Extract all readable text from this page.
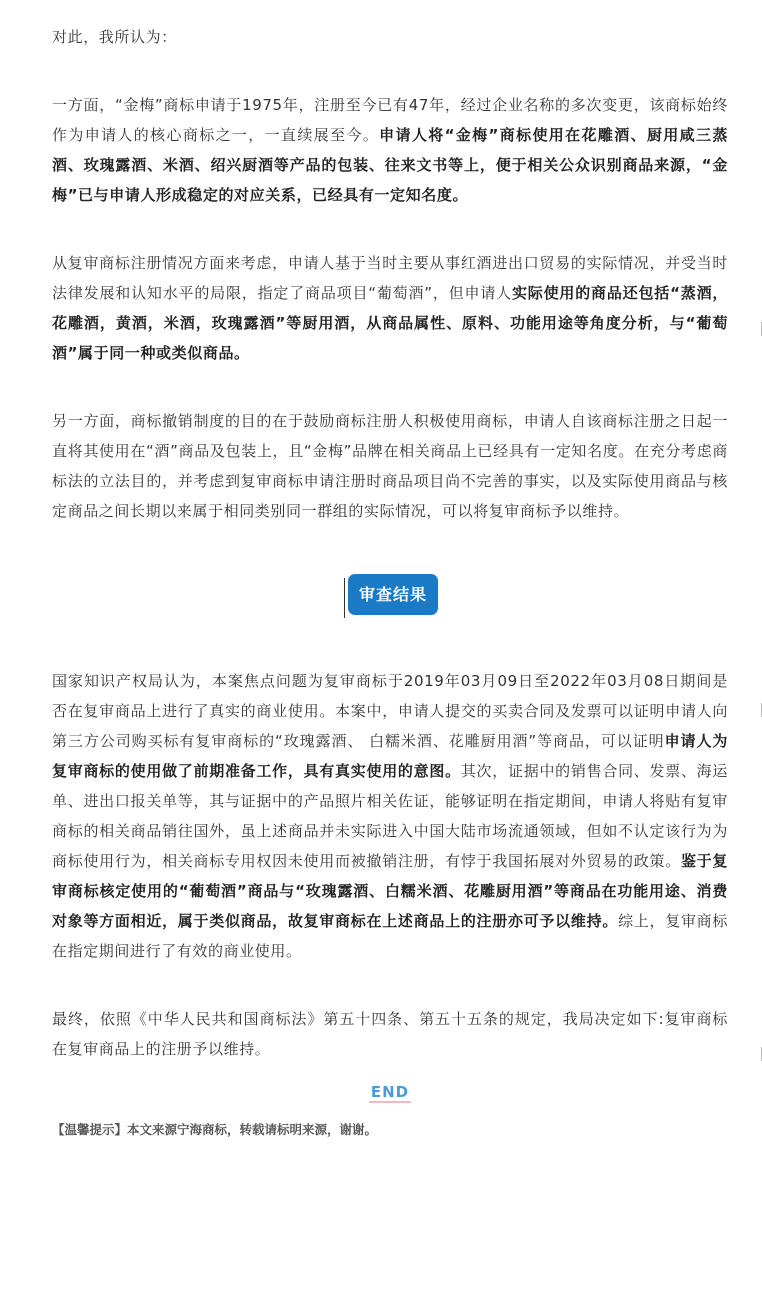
对此，我所认为：

一方面，“金梅”商标申请于1975年，注册至今已有47年，经过企业名称的多次变更，该商标始终作为申请人的核心商标之一，一直续展至今。申请人将“金梅”商标使用在花雕酒、厨用咸三蒸酒、玫瑰露酒、米酒、绍兴厨酒等产品的包装、往来文书等上，便于相关公众识别商品来源，“金梅”已与申请人形成稳定的对应关系，已经具有一定知名度。

从复审商标注册情况方面来考虑，申请人基于当时主要从事红酒进出口贸易的实际情况，并受当时法律发展和认知水平的局限，指定了商品项目“葡萄酒”，但申请人实际使用的商品还包括“蒸酒，花雕酒，黄酒，米酒，玫瑰露酒”等厨用酒，从商品属性、原料、功能用途等角度分析，与“葡萄酒”属于同一种或类似商品。

另一方面，商标撤销制度的目的在于鼓励商标注册人积极使用商标，申请人自该商标注册之日起一直将其使用在“酒”商品及包装上，且“金梅”品牌在相关商品上已经具有一定知名度。在充分考虑商标法的立法目的，并考虑到复审商标申请注册时商品项目尚不完善的事实，以及实际使用商品与核定商品之间长期以来属于相同类别同一群组的实际情况，可以将复审商标予以维持。

审查结果

国家知识产权局认为，本案焦点问题为复审商标于2019年03月09日至2022年03月08日期间是否在复审商品上进行了真实的商业使用。本案中，申请人提交的买卖合同及发票可以证明申请人向第三方公司购买标有复审商标的“玫瑰露酒、 白糯米酒、花雕厨用酒”等商品，可以证明申请人为复审商标的使用做了前期准备工作，具有真实使用的意图。其次，证据中的销售合同、发票、海运单、进出口报关单等，其与证据中的产品照片相关佐证，能够证明在指定期间，申请人将贴有复审商标的相关商品销往国外，虽上述商品并未实际进入中国大陆市场流通领域，但如不认定该行为为商标使用行为，相关商标专用权因未使用而被撤销注册，有悖于我国拓展对外贸易的政策。鉴于复审商标核定使用的“葡萄酒”商品与“玫瑰露酒、白糯米酒、花雕厨用酒”等商品在功能用途、消费对象等方面相近，属于类似商品，故复审商标在上述商品上的注册亦可予以维持。综上，复审商标在指定期间进行了有效的商业使用。

最终，依照《中华人民共和国商标法》第五十四条、第五十五条的规定，我局决定如下:复审商标在复审商品上的注册予以维持。

END
【温馨提示】本文来源宁海商标，转载请标明来源，谢谢。
